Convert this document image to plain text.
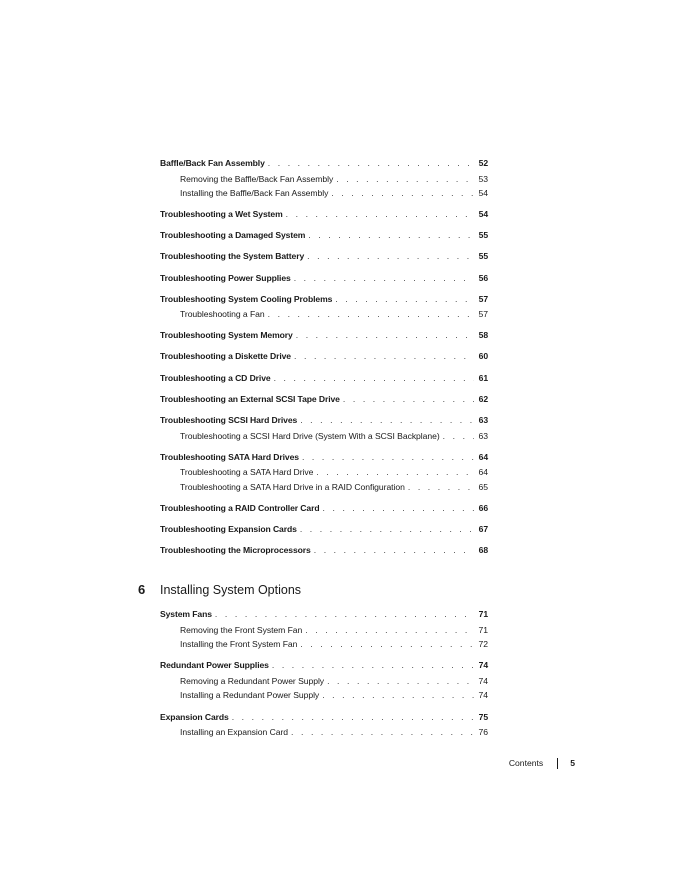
Baffle/Back Fan Assembly . . .	52
Removing the Baffle/Back Fan Assembly . . .	53
Installing the Baffle/Back Fan Assembly . . .	54
Troubleshooting a Wet System . . .	54
Troubleshooting a Damaged System . . .	55
Troubleshooting the System Battery . . .	55
Troubleshooting Power Supplies . . .	56
Troubleshooting System Cooling Problems . . .	57
Troubleshooting a Fan . . .	57
Troubleshooting System Memory . . .	58
Troubleshooting a Diskette Drive . . .	60
Troubleshooting a CD Drive . . .	61
Troubleshooting an External SCSI Tape Drive . . .	62
Troubleshooting SCSI Hard Drives . . .	63
Troubleshooting a SCSI Hard Drive (System With a SCSI Backplane) . . .	63
Troubleshooting SATA Hard Drives . . .	64
Troubleshooting a SATA Hard Drive . . .	64
Troubleshooting a SATA Hard Drive in a RAID Configuration . . .	65
Troubleshooting a RAID Controller Card . . .	66
Troubleshooting Expansion Cards . . .	67
Troubleshooting the Microprocessors . . .	68
6	Installing System Options
System Fans . . .	71
Removing the Front System Fan . . .	71
Installing the Front System Fan . . .	72
Redundant Power Supplies . . .	74
Removing a Redundant Power Supply . . .	74
Installing a Redundant Power Supply . . .	74
Expansion Cards . . .	75
Installing an Expansion Card . . .	76
Contents	5
